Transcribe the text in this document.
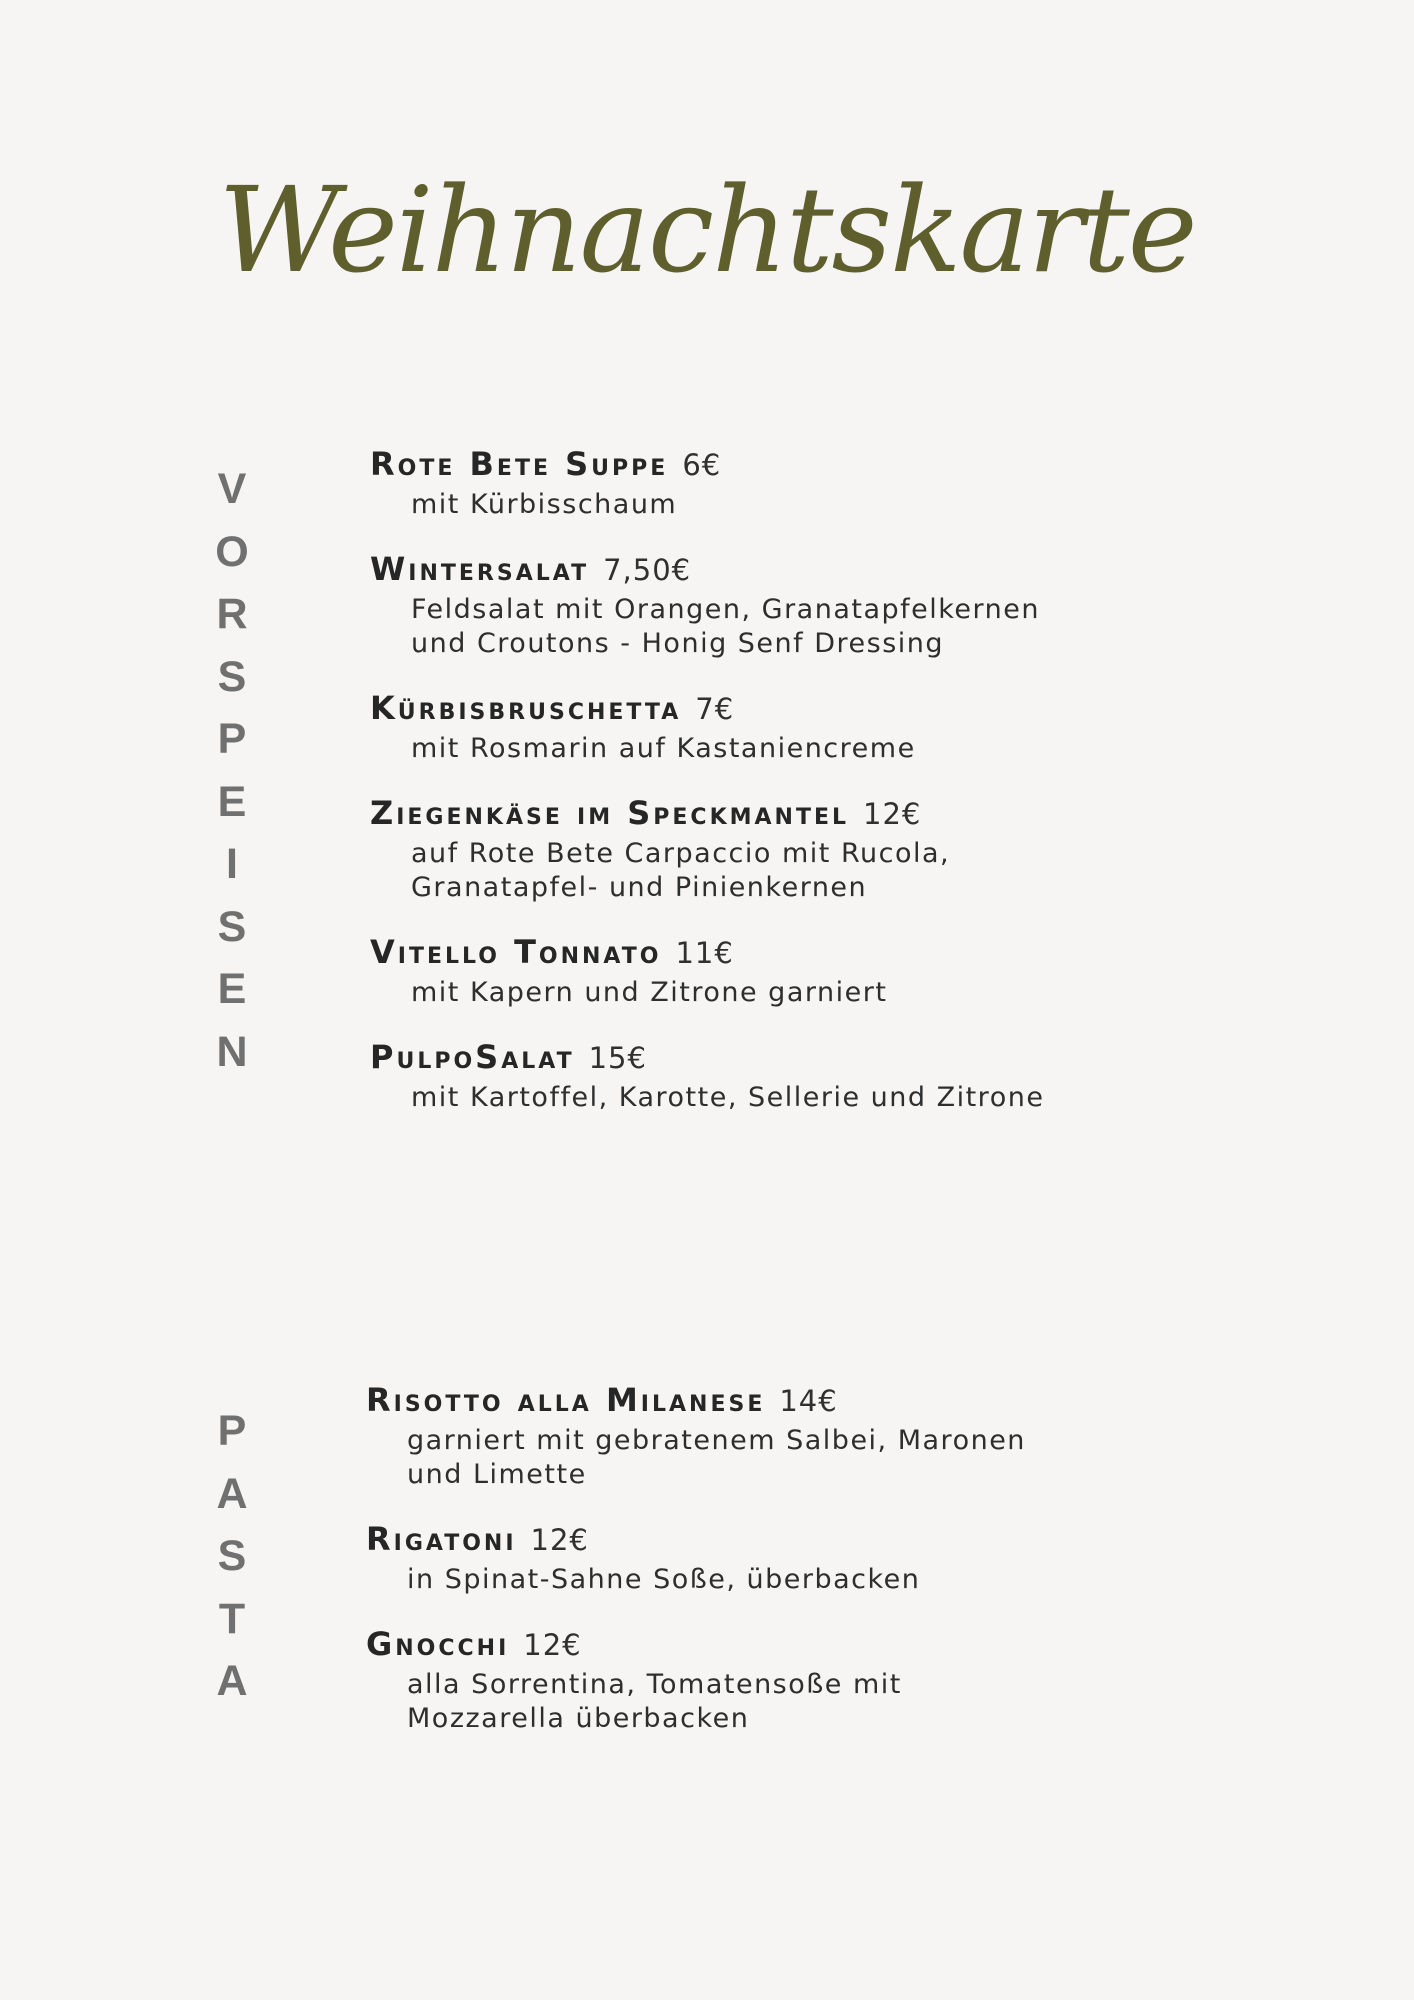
Weihnachtskarte
V
O
R
S
P
E
I
S
E
N
Rote Bete Suppe 6€
mit Kürbisschaum
Wintersalat 7,50€
Feldsalat mit Orangen, Granatapfelkernen
und Croutons - Honig Senf Dressing
Kürbisbruschetta 7€
mit Rosmarin auf Kastaniencreme
Ziegenkäse im Speckmantel 12€
auf Rote Bete Carpaccio mit Rucola,
Granatapfel- und Pinienkernen
Vitello Tonnato 11€
mit Kapern und Zitrone garniert
PulpoSalat 15€
mit Kartoffel, Karotte, Sellerie und Zitrone
P
A
S
T
A
Risotto alla Milanese 14€
garniert mit gebratenem Salbei, Maronen
und Limette
Rigatoni 12€
in Spinat-Sahne Soße, überbacken
Gnocchi 12€
alla Sorrentina, Tomatensoße mit
Mozzarella überbacken
